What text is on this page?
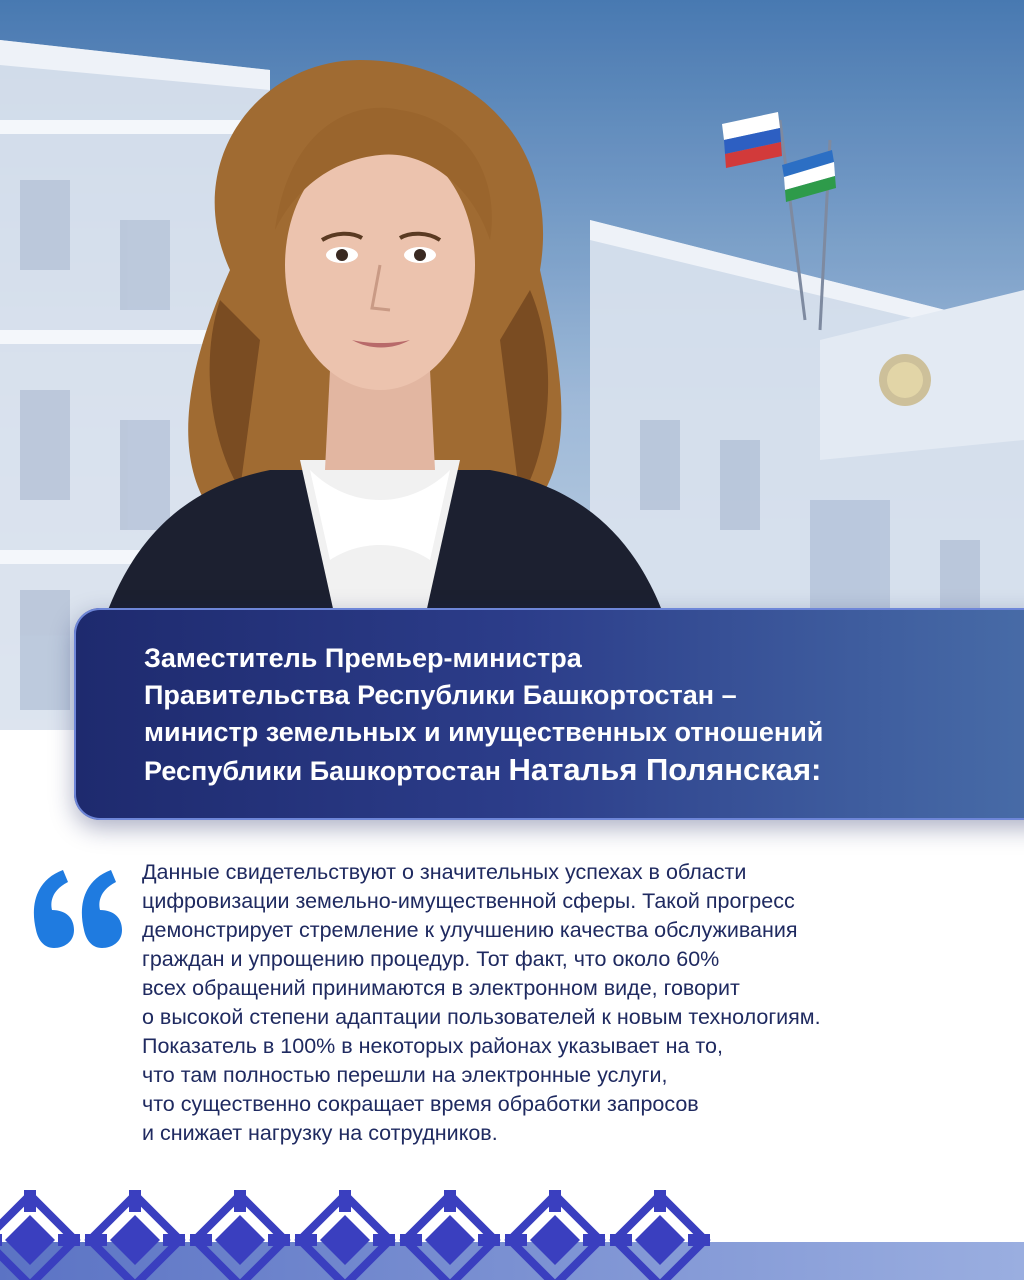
Заместитель Премьер-министра
Правительства Республики Башкортостан –
министр земельных и имущественных отношений
Республики Башкортостан Наталья Полянская:
Данные свидетельствуют о значительных успехах в области
цифровизации земельно-имущественной сферы. Такой прогресс
демонстрирует стремление к улучшению качества обслуживания
граждан и упрощению процедур. Тот факт, что около 60%
всех обращений принимаются в электронном виде, говорит
о высокой степени адаптации пользователей к новым технологиям.
Показатель в 100% в некоторых районах указывает на то,
что там полностью перешли на электронные услуги,
что существенно сокращает время обработки запросов
и снижает нагрузку на сотрудников.
